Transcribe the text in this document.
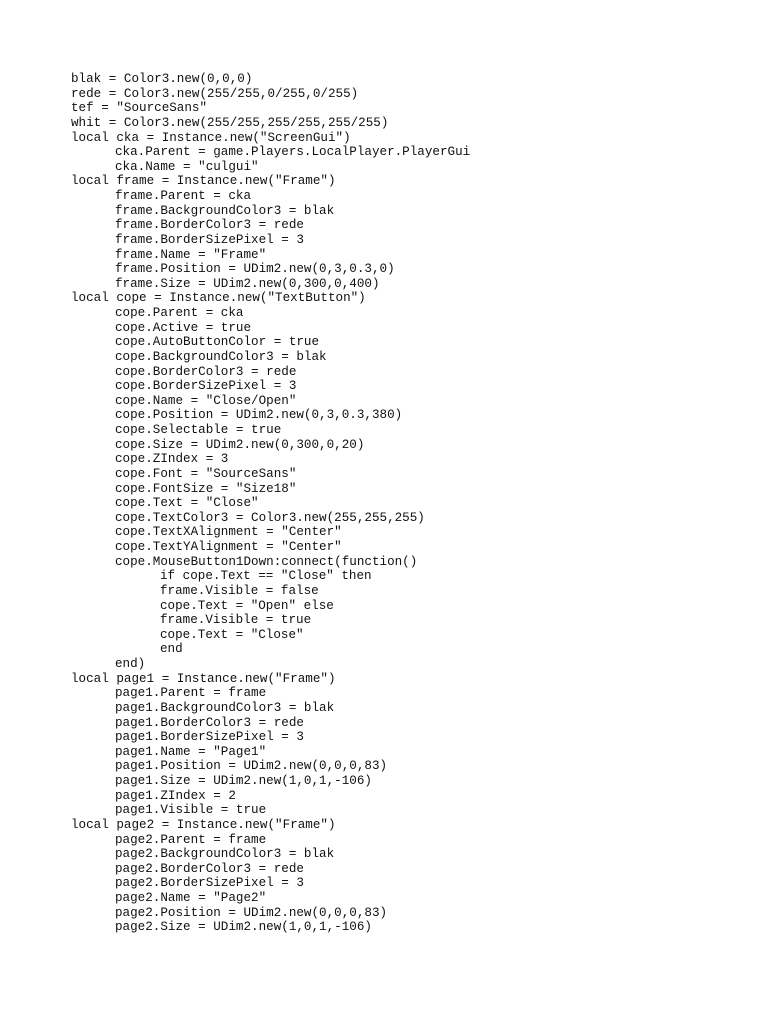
blak = Color3.new(0,0,0)
rede = Color3.new(255/255,0/255,0/255)
tef = "SourceSans"
whit = Color3.new(255/255,255/255,255/255)
local cka = Instance.new("ScreenGui")
cka.Parent = game.Players.LocalPlayer.PlayerGui
cka.Name = "culgui"
local frame = Instance.new("Frame")
frame.Parent = cka
frame.BackgroundColor3 = blak
frame.BorderColor3 = rede
frame.BorderSizePixel = 3
frame.Name = "Frame"
frame.Position = UDim2.new(0,3,0.3,0)
frame.Size = UDim2.new(0,300,0,400)
local cope = Instance.new("TextButton")
cope.Parent = cka
cope.Active = true
cope.AutoButtonColor = true
cope.BackgroundColor3 = blak
cope.BorderColor3 = rede
cope.BorderSizePixel = 3
cope.Name = "Close/Open"
cope.Position = UDim2.new(0,3,0.3,380)
cope.Selectable = true
cope.Size = UDim2.new(0,300,0,20)
cope.ZIndex = 3
cope.Font = "SourceSans"
cope.FontSize = "Size18"
cope.Text = "Close"
cope.TextColor3 = Color3.new(255,255,255)
cope.TextXAlignment = "Center"
cope.TextYAlignment = "Center"
cope.MouseButton1Down:connect(function()
if cope.Text == "Close" then
frame.Visible = false
cope.Text = "Open" else
frame.Visible = true
cope.Text = "Close"
end
end)
local page1 = Instance.new("Frame")
page1.Parent = frame
page1.BackgroundColor3 = blak
page1.BorderColor3 = rede
page1.BorderSizePixel = 3
page1.Name = "Page1"
page1.Position = UDim2.new(0,0,0,83)
page1.Size = UDim2.new(1,0,1,-106)
page1.ZIndex = 2
page1.Visible = true
local page2 = Instance.new("Frame")
page2.Parent = frame
page2.BackgroundColor3 = blak
page2.BorderColor3 = rede
page2.BorderSizePixel = 3
page2.Name = "Page2"
page2.Position = UDim2.new(0,0,0,83)
page2.Size = UDim2.new(1,0,1,-106)
